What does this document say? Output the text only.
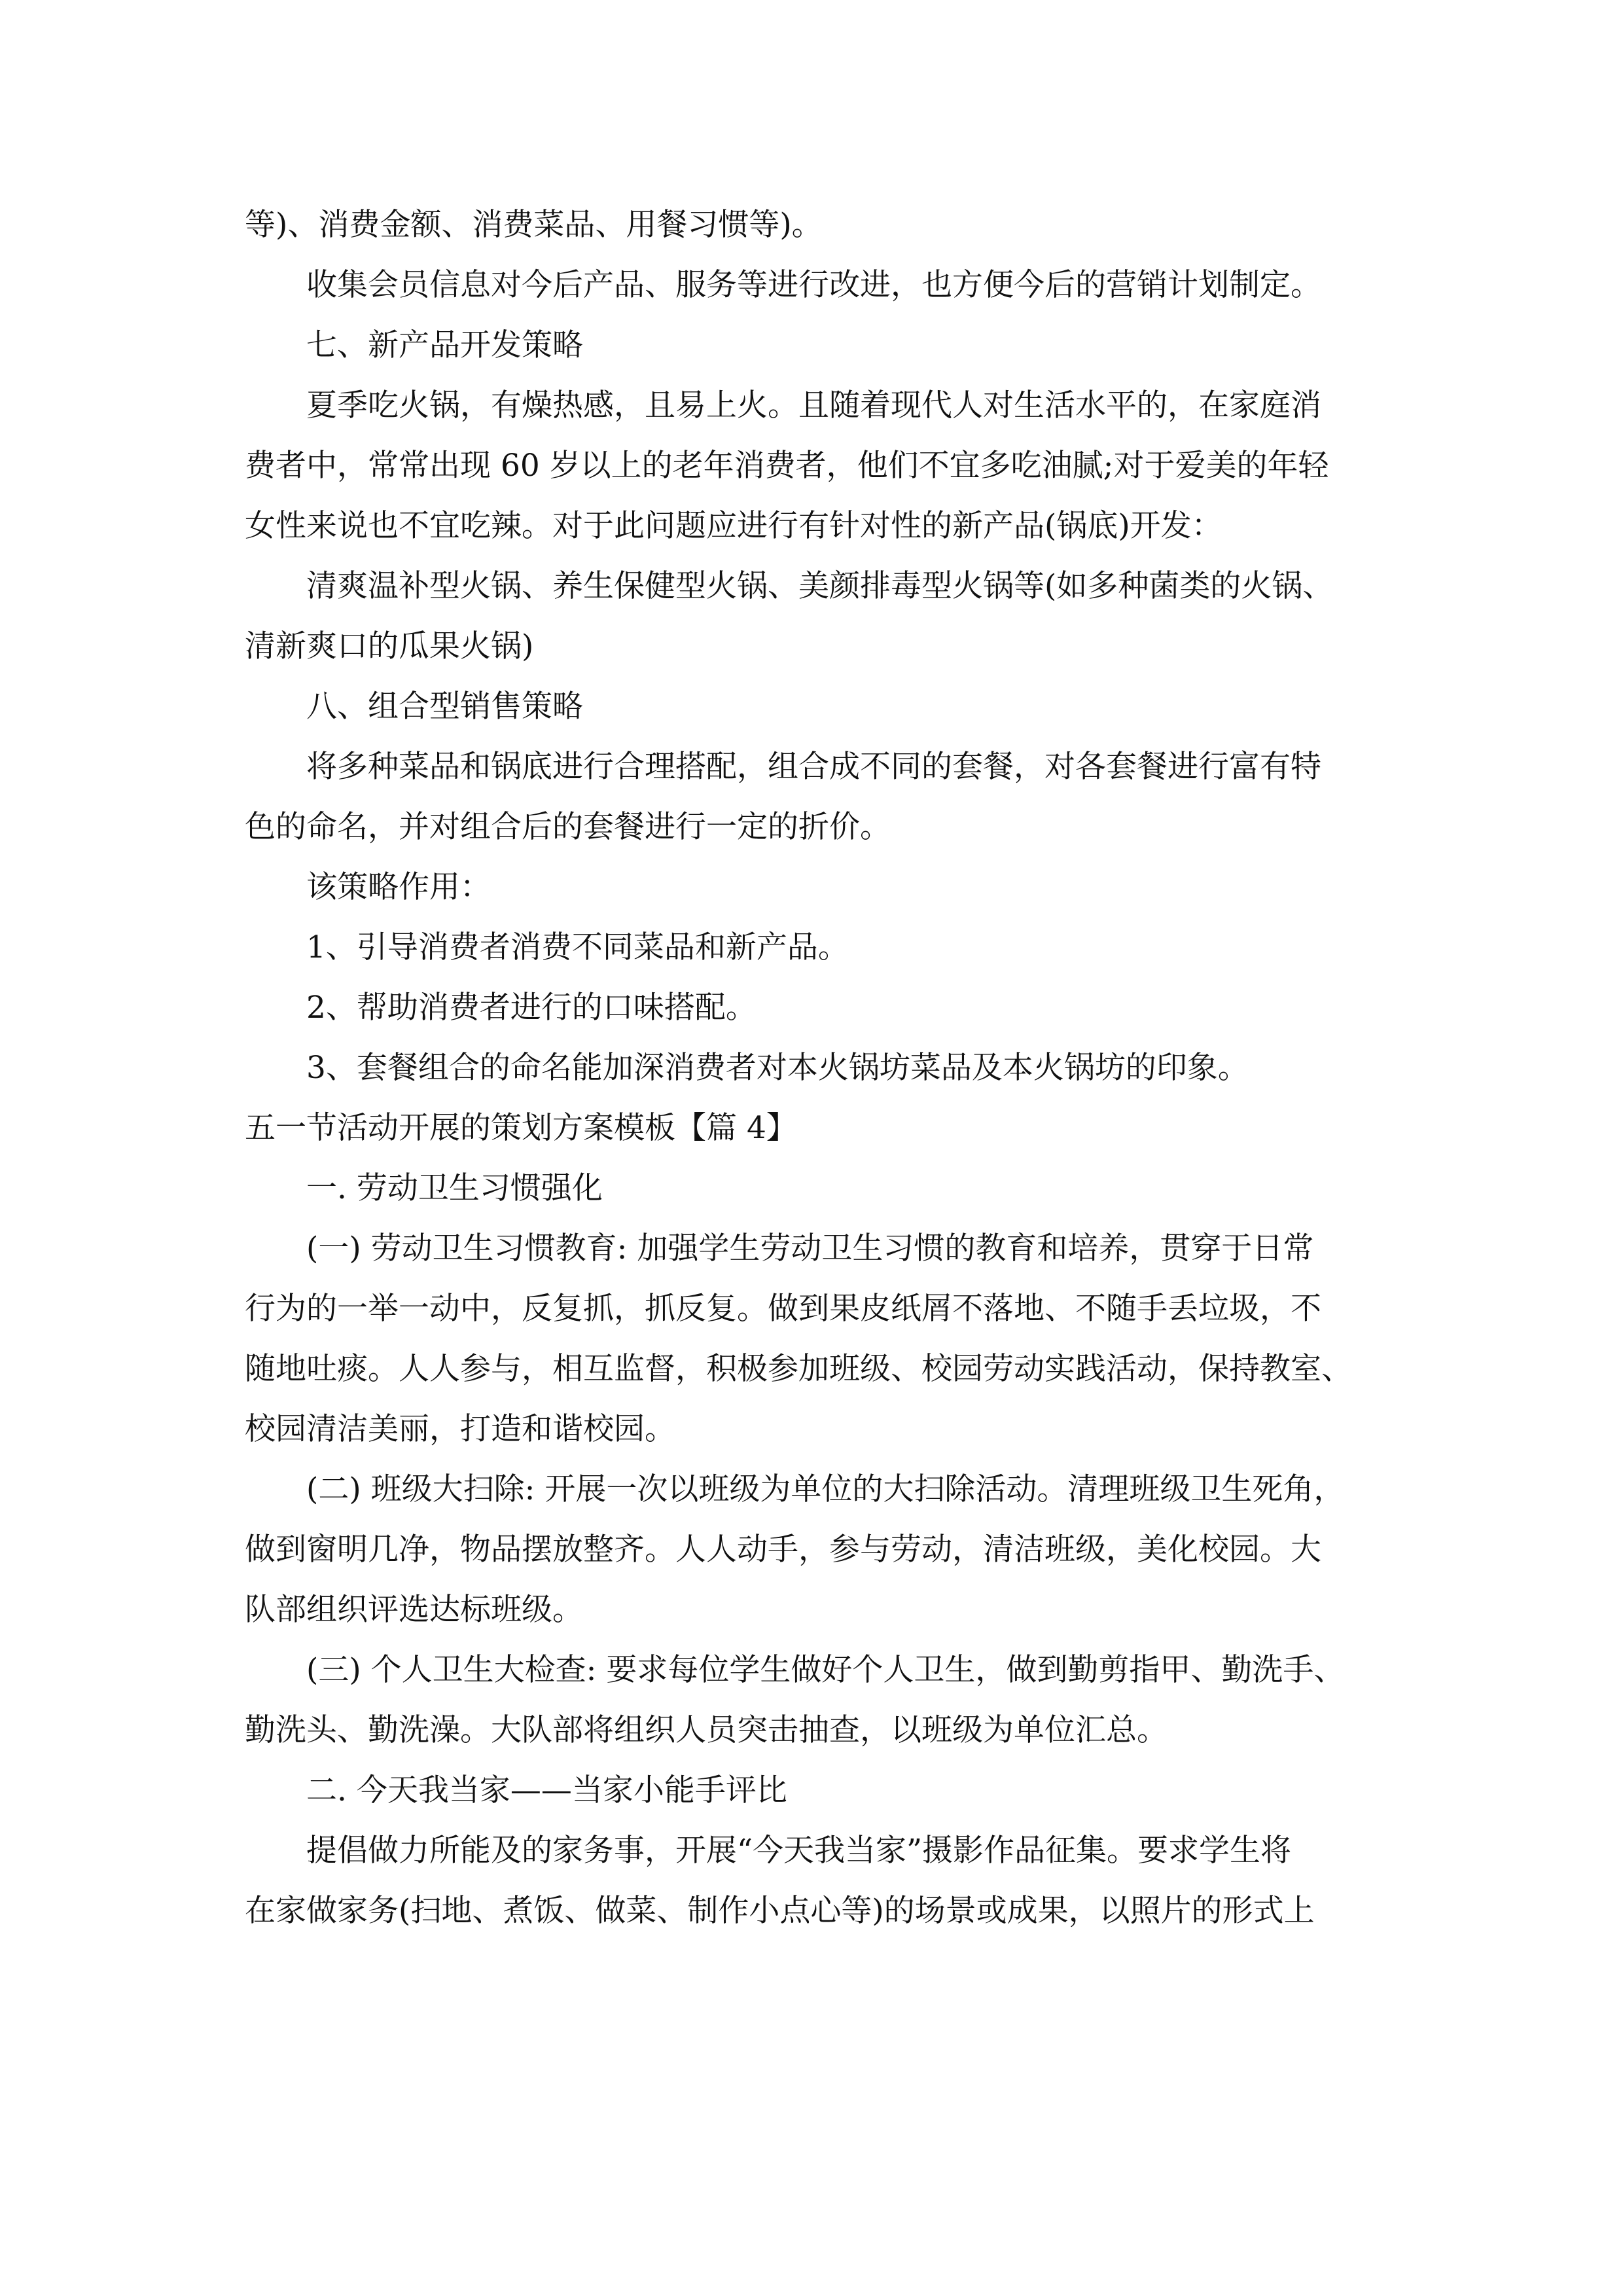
等)、消费金额、消费菜品、用餐习惯等)。
收集会员信息对今后产品、服务等进行改进，也方便今后的营销计划制定。
七、新产品开发策略
夏季吃火锅，有燥热感，且易上火。且随着现代人对生活水平的，在家庭消
费者中，常常出现 60 岁以上的老年消费者，他们不宜多吃油腻;对于爱美的年轻
女性来说也不宜吃辣。对于此问题应进行有针对性的新产品(锅底)开发：
清爽温补型火锅、养生保健型火锅、美颜排毒型火锅等(如多种菌类的火锅、
清新爽口的瓜果火锅)
八、组合型销售策略
将多种菜品和锅底进行合理搭配，组合成不同的套餐，对各套餐进行富有特
色的命名，并对组合后的套餐进行一定的折价。
该策略作用：
1、引导消费者消费不同菜品和新产品。
2、帮助消费者进行的口味搭配。
3、套餐组合的命名能加深消费者对本火锅坊菜品及本火锅坊的印象。
五一节活动开展的策划方案模板【篇 4】
一. 劳动卫生习惯强化
(一) 劳动卫生习惯教育: 加强学生劳动卫生习惯的教育和培养，贯穿于日常
行为的一举一动中，反复抓，抓反复。做到果皮纸屑不落地、不随手丢垃圾，不
随地吐痰。人人参与，相互监督，积极参加班级、校园劳动实践活动，保持教室、
校园清洁美丽，打造和谐校园。
(二) 班级大扫除: 开展一次以班级为单位的大扫除活动。清理班级卫生死角，
做到窗明几净，物品摆放整齐。人人动手，参与劳动，清洁班级，美化校园。大
队部组织评选达标班级。
(三) 个人卫生大检查: 要求每位学生做好个人卫生，做到勤剪指甲、勤洗手、
勤洗头、勤洗澡。大队部将组织人员突击抽查，以班级为单位汇总。
二. 今天我当家——当家小能手评比
提倡做力所能及的家务事，开展“今天我当家”摄影作品征集。要求学生将
在家做家务(扫地、煮饭、做菜、制作小点心等)的场景或成果，以照片的形式上
